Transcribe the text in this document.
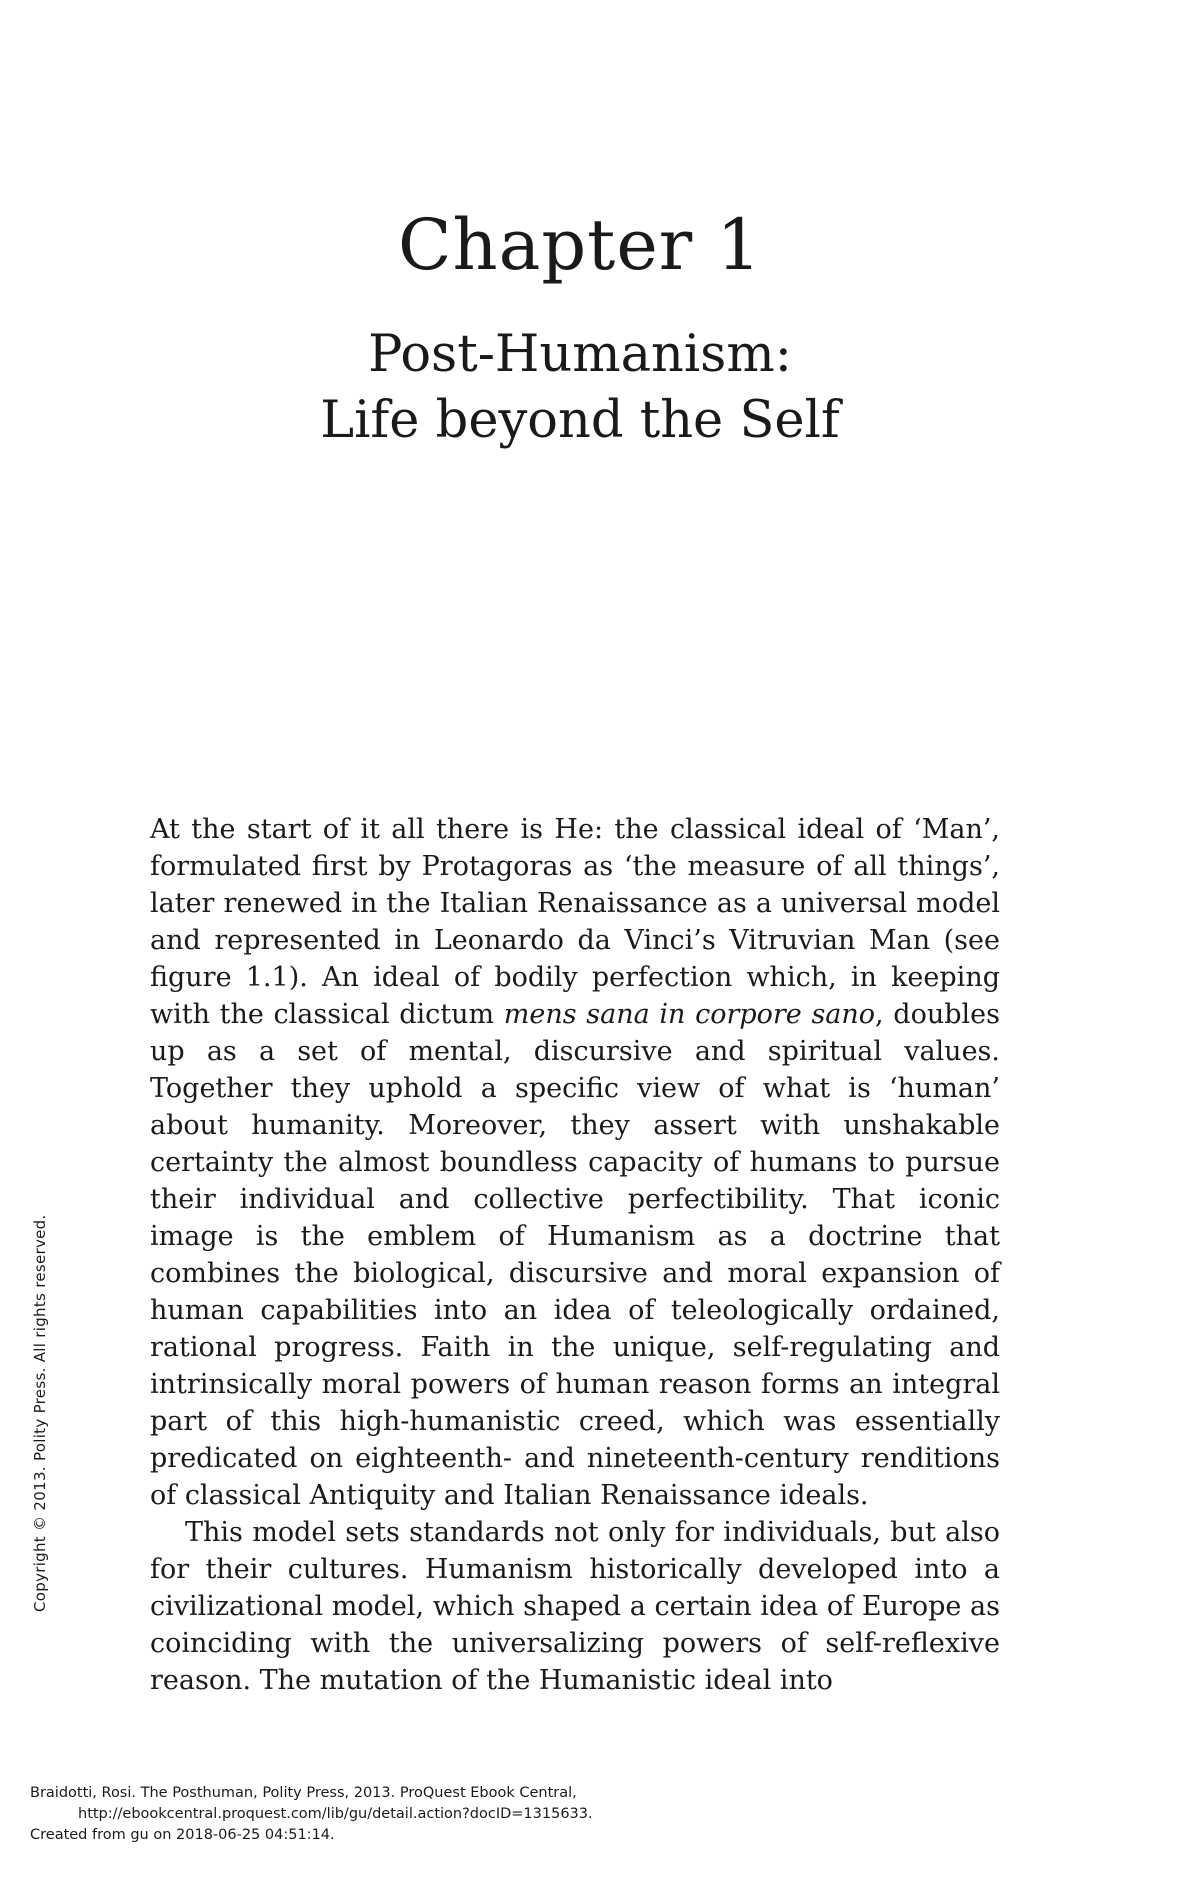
Chapter 1
Post-Humanism:
Life beyond the Self

At the start of it all there is He: the classical ideal of ‘Man’, formulated first by Protagoras as ‘the measure of all things’, later renewed in the Italian Renaissance as a universal model and represented in Leonardo da Vinci’s Vitruvian Man (see figure 1.1). An ideal of bodily perfection which, in keeping with the classical dictum mens sana in corpore sano, doubles up as a set of mental, discursive and spiritual values. Together they uphold a specific view of what is ‘human’ about humanity. Moreover, they assert with unshakable certainty the almost boundless capacity of humans to pursue their individual and collective perfectibility. That iconic image is the emblem of Humanism as a doctrine that combines the biological, discursive and moral expansion of human capabilities into an idea of teleologically ordained, rational progress. Faith in the unique, self-regulating and intrinsically moral powers of human reason forms an integral part of this high-humanistic creed, which was essentially predicated on eighteenth- and nineteenth-century renditions of classical Antiquity and Italian Renaissance ideals.

This model sets standards not only for individuals, but also for their cultures. Humanism historically developed into a civilizational model, which shaped a certain idea of Europe as coinciding with the universalizing powers of self-reflexive reason. The mutation of the Humanistic ideal into

Copyright © 2013. Polity Press. All rights reserved.
Braidotti, Rosi. The Posthuman, Polity Press, 2013. ProQuest Ebook Central,
http://ebookcentral.proquest.com/lib/gu/detail.action?docID=1315633.
Created from gu on 2018-06-25 04:51:14.
